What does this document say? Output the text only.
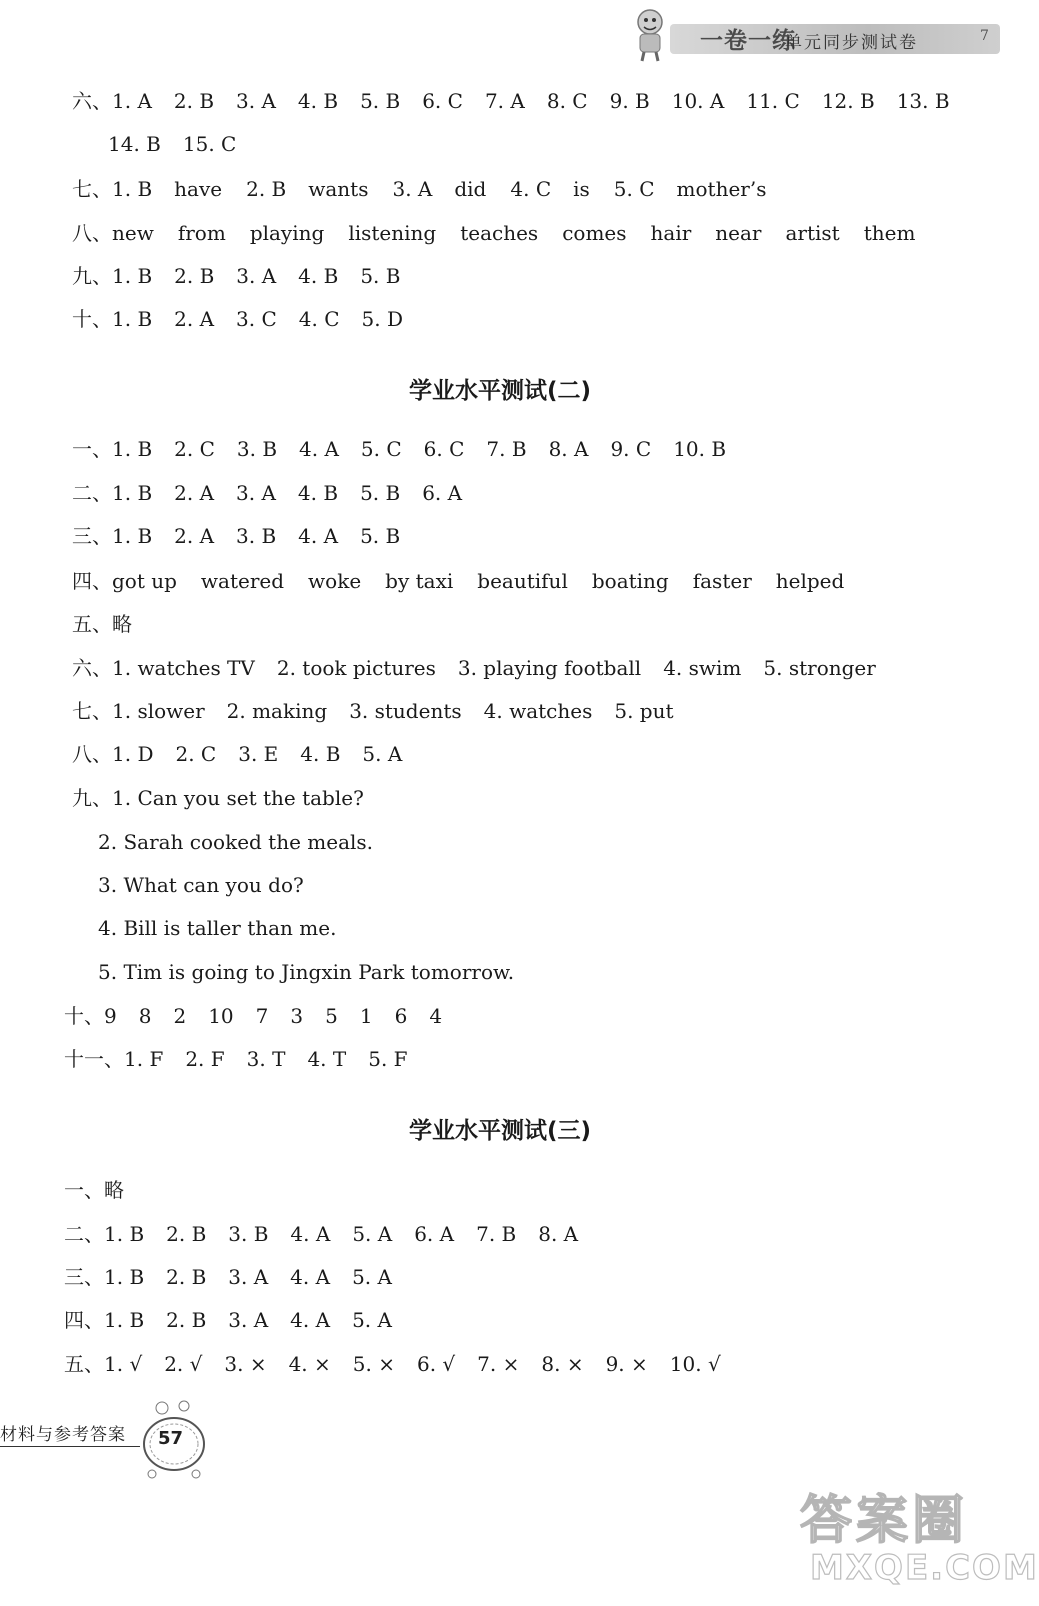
一卷一练
单元同步测试卷	7
六、1. A 2. B 3. A 4. B 5. B 6. C 7. A 8. C 9. B 10. A 11. C 12. B 13. B
14. B 15. C
七、1. B have 2. B wants 3. A did 4. C is 5. C mother’s
八、new from playing listening teaches comes hair near artist them
九、1. B 2. B 3. A 4. B 5. B
十、1. B 2. A 3. C 4. C 5. D
学业水平测试(二)
一、1. B 2. C 3. B 4. A 5. C 6. C 7. B 8. A 9. C 10. B
二、1. B 2. A 3. A 4. B 5. B 6. A
三、1. B 2. A 3. B 4. A 5. B
四、got up watered woke by taxi beautiful boating faster helped
五、略
六、1. watches TV 2. took pictures 3. playing football 4. swim 5. stronger
七、1. slower 2. making 3. students 4. watches 5. put
八、1. D 2. C 3. E 4. B 5. A
九、1. Can you set the table?
2. Sarah cooked the meals.
3. What can you do?
4. Bill is taller than me.
5. Tim is going to Jingxin Park tomorrow.
十、9 8 2 10 7 3 5 1 6 4
十一、1. F 2. F 3. T 4. T 5. F
学业水平测试(三)
一、略
二、1. B 2. B 3. B 4. A 5. A 6. A 7. B 8. A
三、1. B 2. B 3. A 4. A 5. A
四、1. B 2. B 3. A 4. A 5. A
五、1. √ 2. √ 3. × 4. × 5. × 6. √ 7. × 8. × 9. × 10. √
材料与参考答案 57
答案圈
MXQE.COM
